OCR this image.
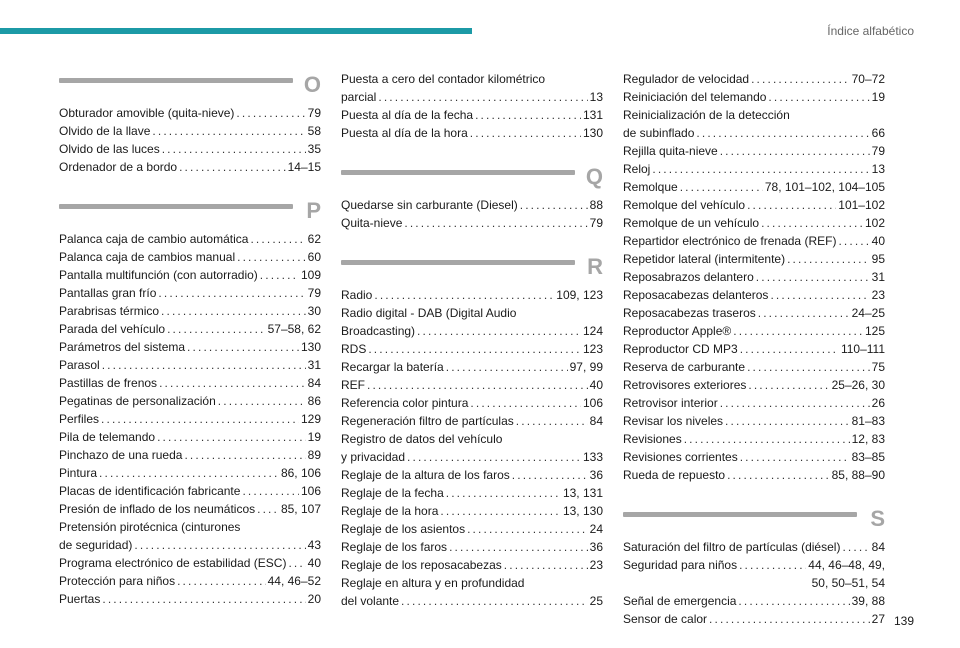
Índice alfabético
O
Obturador amovible (quita-nieve) . . .	79
Olvido de la llave . . .	58
Olvido de las luces . . .	35
Ordenador de a bordo . . .	14–15
P
Palanca caja de cambio automática . . .	62
Palanca caja de cambios manual . . .	60
Pantalla multifunción (con autorradio) . . .	109
Pantallas gran frío . . .	79
Parabrisas térmico . . .	30
Parada del vehículo . . .	57–58, 62
Parámetros del sistema . . .	130
Parasol . . .	31
Pastillas de frenos . . .	84
Pegatinas de personalización . . .	86
Perfiles . . .	129
Pila de telemando . . .	19
Pinchazo de una rueda . . .	89
Pintura . . .	86, 106
Placas de identificación fabricante . . .	106
Presión de inflado de los neumáticos . . . 85, 107
Pretensión pirotécnica (cinturones
de seguridad) . . .	43
Programa electrónico de estabilidad (ESC) . . . 40
Protección para niños . . .	44, 46–52
Puertas . . .	20
Puesta a cero del contador kilométrico
parcial . . .	13
Puesta al día de la fecha . . .	131
Puesta al día de la hora . . .	130
Q
Quedarse sin carburante (Diesel) . . .	88
Quita-nieve . . .	79
R
Radio . . .	109, 123
Radio digital - DAB (Digital Audio
Broadcasting) . . .	124
RDS . . .	123
Recargar la batería . . .	97, 99
REF . . .	40
Referencia color pintura . . .	106
Regeneración filtro de partículas . . .	84
Registro de datos del vehículo
y privacidad . . .	133
Reglaje de la altura de los faros . . .	36
Reglaje de la fecha . . .	13, 131
Reglaje de la hora . . .	13, 130
Reglaje de los asientos . . .	24
Reglaje de los faros . . .	36
Reglaje de los reposacabezas . . .	23
Reglaje en altura y en profundidad
del volante . . .	25
Regulador de velocidad . . .	70–72
Reiniciación del telemando . . .	19
Reinicialización de la detección
de subinflado . . .	66
Rejilla quita-nieve . . .	79
Reloj . . .	13
Remolque . . .	78, 101–102, 104–105
Remolque del vehículo . . .	101–102
Remolque de un vehículo . . .	102
Repartidor electrónico de frenada (REF) . . .	40
Repetidor lateral (intermitente) . . .	95
Reposabrazos delantero . . .	31
Reposacabezas delanteros . . .	23
Reposacabezas traseros . . .	24–25
Reproductor Apple® . . .	125
Reproductor CD MP3 . . .	110–111
Reserva de carburante . . .	75
Retrovisores exteriores . . .	25–26, 30
Retrovisor interior . . .	26
Revisar los niveles . . .	81–83
Revisiones . . .	12, 83
Revisiones corrientes . . .	83–85
Rueda de repuesto . . .	85, 88–90
S
Saturación del filtro de partículas (diésel) . . .	84
Seguridad para niños . . .	44, 46–48, 49,
50, 50–51, 54
Señal de emergencia . . .	39, 88
Sensor de calor . . .	27 139
